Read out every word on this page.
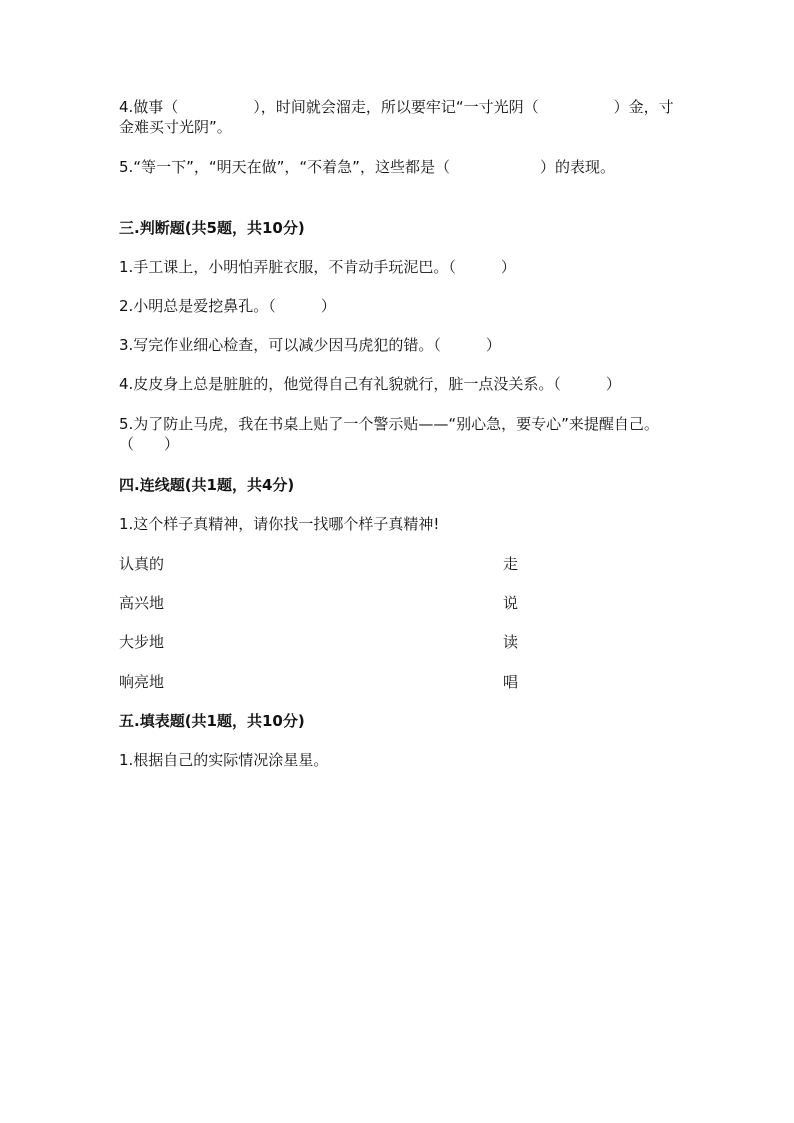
4.做事（　　　　　），时间就会溜走，所以要牢记“一寸光阴（　　　　　）金，寸金难买寸光阴”。
5.“等一下”，“明天在做”，“不着急”，这些都是（　　　　　　）的表现。
三.判断题(共5题，共10分)
1.手工课上，小明怕弄脏衣服，不肯动手玩泥巴。（　　　）
2.小明总是爱挖鼻孔。（　　　）
3.写完作业细心检查，可以减少因马虎犯的错。（　　　）
4.皮皮身上总是脏脏的，他觉得自己有礼貌就行，脏一点没关系。（　　　）
5.为了防止马虎，我在书桌上贴了一个警示贴——“别心急，要专心”来提醒自己。（　　）
四.连线题(共1题，共4分)
1.这个样子真精神，请你找一找哪个样子真精神!
认真的	走
高兴地	说
大步地	读
响亮地	唱
五.填表题(共1题，共10分)
1.根据自己的实际情况涂星星。
